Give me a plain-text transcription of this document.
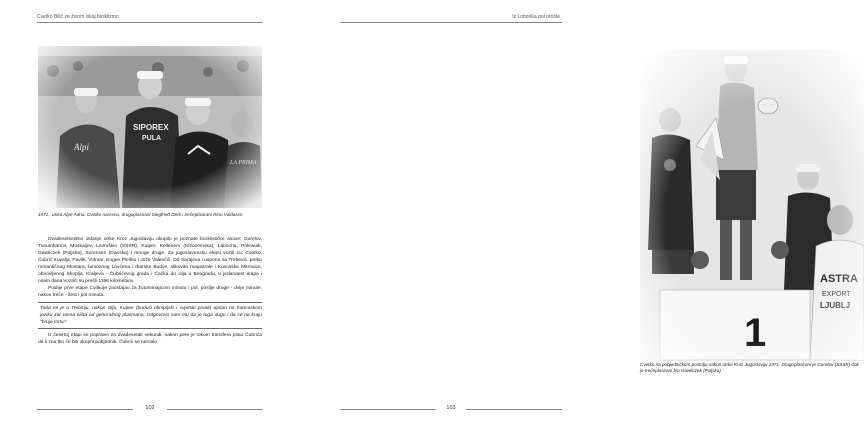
Cvetko Bilić ze živom iskaj biciklizmo
1971., utrka Alpe Adria. Cvetko nasrenu, drugoplasirani Siegfried Derk i trećeplasirani Rino Valdasso

Dvadesetsedmo izdanje utrke Kroz Jugoslaviju okupilo je poznate biciklističke asove: Gorelov, Tusumhanov, Moskaljev, Lavruškin (SSSR), Kuiper, Kelleners (Nizozemska), Labocha, Polewiak, Gawliczek (Poljska), Sorensen (Danska) i mnoge druge. Za jugoslavensku ekipu vozili su: Cvetko, Čubrić Kuvalja, Pavlik, Vidmar, Eugen Pleško i Jože Valenčič. Od Sarajeva i uspona na Trebević, preko romantičnog Mostara, famoznog Lovćena i Ibarske Budve, slikovite magistrale i Kosovske Mitrovice, obnovljenog Skoplja, Kraljeva - Čubrićevog grada i Čačka do cilja u Beogradu, u jedanaest etapa i osam dana vozači su prešli 1196 kilometara.

Poslije prve etape Cvitkoje zaostajao za žutommajicom minutu i pol, poslije druge - dvije minute, nakon treće - šest i pol minuta.

Tada mi je u Trebinju, nakon cilja, Kuiper (budući olimpijski i svjetski prvak) upitao na francuskom jeziku zar nema ništa od generalnog plasmana. Odgovorio sam mu da je toga dugo i da se na kraju "broje mrtvi".

U četvrtoj etapi se popravio za dvadesetak sekundi, nakon pete je tokom transfera pitao Čubrića da li zna tko će biti ukupni pobjednik. Čubrić se nemalo

102
Iz Loborika pol orošte
Cvetko na pobjedničkom postolju nakon utrke Kroz Jugoslaviju 1971. Drugoplasirani je Gorelov (SSSR) dok je trećeplasirani bio Gawliczek (Poljska)
103
